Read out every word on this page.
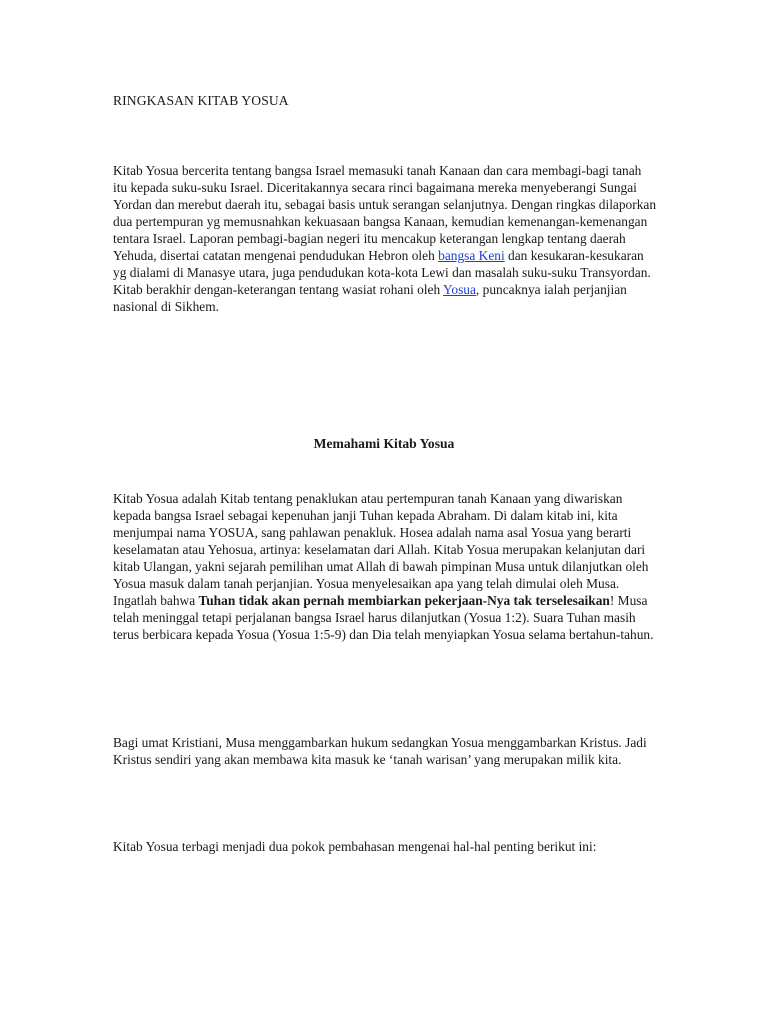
RINGKASAN KITAB YOSUA

Kitab Yosua bercerita tentang bangsa Israel memasuki tanah Kanaan dan cara membagi-bagi tanah itu kepada suku-suku Israel. Diceritakannya secara rinci bagaimana mereka menyeberangi Sungai Yordan dan merebut daerah itu, sebagai basis untuk serangan selanjutnya. Dengan ringkas dilaporkan dua pertempuran yg memusnahkan kekuasaan bangsa Kanaan, kemudian kemenangan-kemenangan tentara Israel. Laporan pembagi-bagian negeri itu mencakup keterangan lengkap tentang daerah Yehuda, disertai catatan mengenai pendudukan Hebron oleh bangsa Keni dan kesukaran-kesukaran yg dialami di Manasye utara, juga pendudukan kota-kota Lewi dan masalah suku-suku Transyordan. Kitab berakhir dengan-keterangan tentang wasiat rohani oleh Yosua, puncaknya ialah perjanjian nasional di Sikhem.

Memahami Kitab Yosua

Kitab Yosua adalah Kitab tentang penaklukan atau pertempuran tanah Kanaan yang diwariskan kepada bangsa Israel sebagai kepenuhan janji Tuhan kepada Abraham. Di dalam kitab ini, kita menjumpai nama YOSUA, sang pahlawan penakluk. Hosea adalah nama asal Yosua yang berarti keselamatan atau Yehosua, artinya: keselamatan dari Allah. Kitab Yosua merupakan kelanjutan dari kitab Ulangan, yakni sejarah pemilihan umat Allah di bawah pimpinan Musa untuk dilanjutkan oleh Yosua masuk dalam tanah perjanjian. Yosua menyelesaikan apa yang telah dimulai oleh Musa. Ingatlah bahwa Tuhan tidak akan pernah membiarkan pekerjaan-Nya tak terselesaikan! Musa telah meninggal tetapi perjalanan bangsa Israel harus dilanjutkan (Yosua 1:2). Suara Tuhan masih terus berbicara kepada Yosua (Yosua 1:5-9) dan Dia telah menyiapkan Yosua selama bertahun-tahun.

Bagi umat Kristiani, Musa menggambarkan hukum sedangkan Yosua menggambarkan Kristus. Jadi Kristus sendiri yang akan membawa kita masuk ke ‘tanah warisan’ yang merupakan milik kita.

Kitab Yosua terbagi menjadi dua pokok pembahasan mengenai hal-hal penting berikut ini:
